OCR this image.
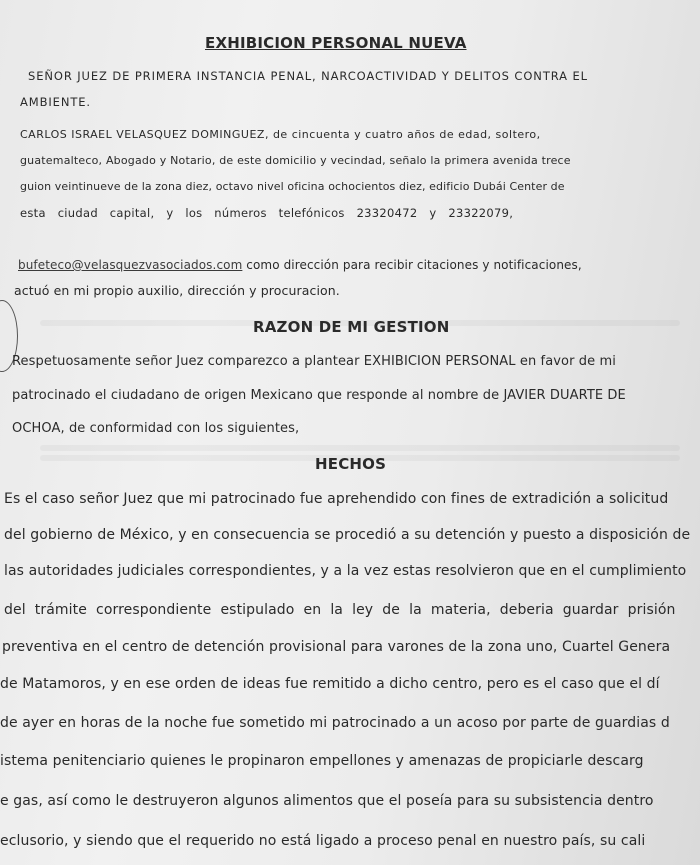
EXHIBICION PERSONAL NUEVA
SEÑOR JUEZ DE PRIMERA INSTANCIA PENAL, NARCOACTIVIDAD Y DELITOS CONTRA EL
AMBIENTE.
CARLOS ISRAEL VELASQUEZ DOMINGUEZ, de cincuenta y cuatro años de edad, soltero,
guatemalteco, Abogado y Notario, de este domicilio y vecindad, señalo la primera avenida trece
guion veintinueve de la zona diez, octavo nivel oficina ochocientos diez, edificio Dubái Center de
esta   ciudad   capital,   y   los   números   telefónicos   23320472   y   23322079,
bufeteco@velasquezvasociados.com como dirección para recibir citaciones y notificaciones,
actuó en mi propio auxilio, dirección y procuracion.
RAZON DE MI GESTION
Respetuosamente señor Juez comparezco a plantear EXHIBICION PERSONAL en favor de mi
patrocinado el ciudadano de origen Mexicano que responde al nombre de JAVIER DUARTE DE
OCHOA, de conformidad con los siguientes,
HECHOS
Es el caso señor Juez que mi patrocinado fue aprehendido con fines de extradición a solicitud
del gobierno de México, y en consecuencia se procedió a su detención y puesto a disposición de
las autoridades judiciales correspondientes, y a la vez estas resolvieron que en el cumplimiento
del  trámite  correspondiente  estipulado  en  la  ley  de  la  materia,  deberia  guardar  prisión
preventiva en el centro de detención provisional para varones de la zona uno, Cuartel Genera
de Matamoros, y en ese orden de ideas fue remitido a dicho centro, pero es el caso que el dí
de ayer en horas de la noche fue sometido mi patrocinado a un acoso por parte de guardias d
istema penitenciario quienes le propinaron empellones y amenazas de propiciarle descarg
e gas, así como le destruyeron algunos alimentos que el poseía para su subsistencia dentro
eclusorio, y siendo que el requerido no está ligado a proceso penal en nuestro país, su cali
